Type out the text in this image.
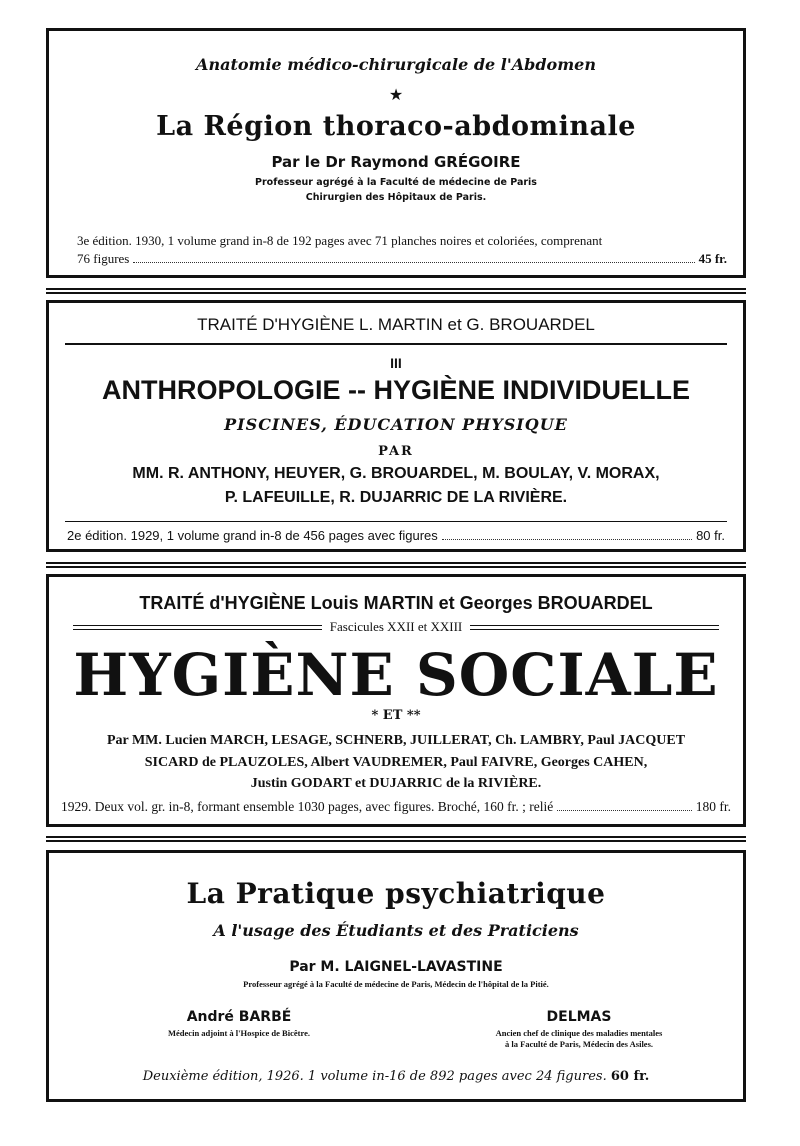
Anatomie médico-chirurgicale de l'Abdomen
★
La Région thoraco-abdominale
Par le Dr Raymond GRÉGOIRE
Professeur agrégé à la Faculté de médecine de Paris
Chirurgien des Hôpitaux de Paris.
3e édition. 1930, 1 volume grand in-8 de 192 pages avec 71 planches noires et coloriées, comprenant
76 figures	45 fr.
TRAITÉ D'HYGIÈNE L. MARTIN et G. BROUARDEL
III
ANTHROPOLOGIE -- HYGIÈNE INDIVIDUELLE
PISCINES, ÉDUCATION PHYSIQUE
PAR
MM. R. ANTHONY, HEUYER, G. BROUARDEL, M. BOULAY, V. MORAX,
P. LAFEUILLE, R. DUJARRIC DE LA RIVIÈRE.
2e édition. 1929, 1 volume grand in-8 de 456 pages avec figures	80 fr.
TRAITÉ d'HYGIÈNE Louis MARTIN et Georges BROUARDEL
Fascicules XXII et XXIII
HYGIÈNE SOCIALE
* ET **
Par MM. Lucien MARCH, LESAGE, SCHNERB, JUILLERAT, Ch. LAMBRY, Paul JACQUET
SICARD de PLAUZOLES, Albert VAUDREMER, Paul FAIVRE, Georges CAHEN,
Justin GODART et DUJARRIC de la RIVIÈRE.
1929. Deux vol. gr. in-8, formant ensemble 1030 pages, avec figures. Broché, 160 fr. ; relié	180 fr.
La Pratique psychiatrique
A l'usage des Étudiants et des Praticiens
Par M. LAIGNEL-LAVASTINE
Professeur agrégé à la Faculté de médecine de Paris, Médecin de l'hôpital de la Pitié.
André BARBÉ
Médecin adjoint à l'Hospice de Bicêtre.
DELMAS
Ancien chef de clinique des maladies mentales
à la Faculté de Paris, Médecin des Asiles.
Deuxième édition, 1926. 1 volume in-16 de 892 pages avec 24 figures. 60 fr.
